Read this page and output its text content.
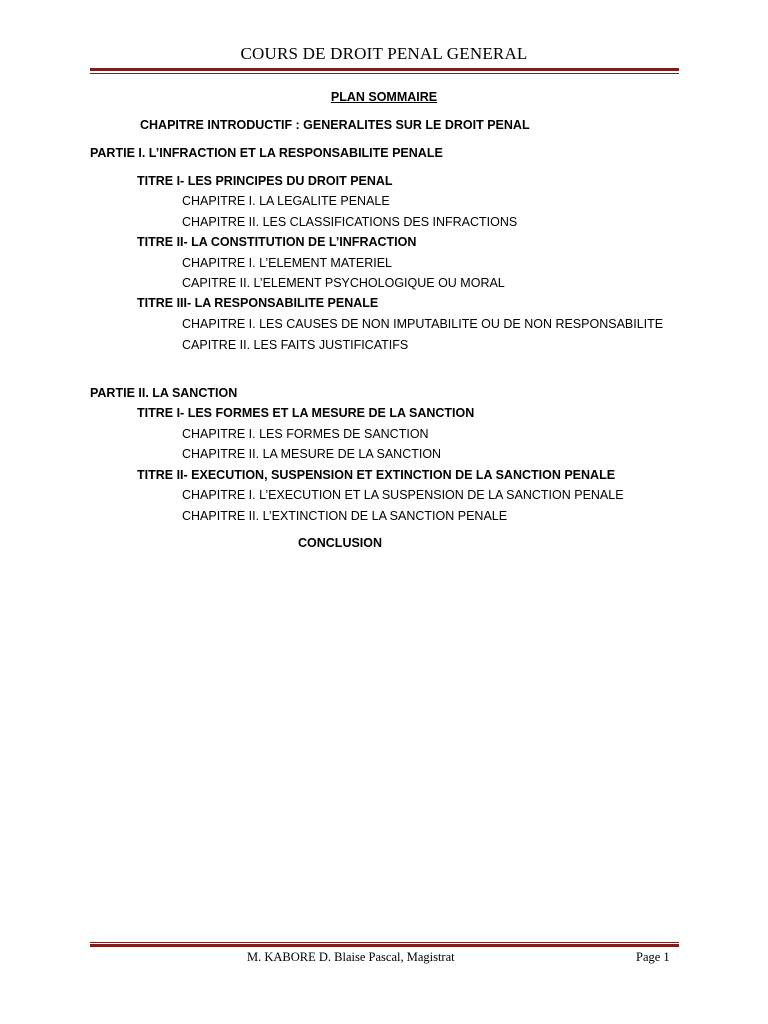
COURS DE DROIT PENAL GENERAL
PLAN SOMMAIRE
CHAPITRE INTRODUCTIF : GENERALITES SUR LE DROIT PENAL
PARTIE I. L’INFRACTION ET LA RESPONSABILITE PENALE
TITRE I- LES PRINCIPES DU DROIT PENAL
CHAPITRE I. LA LEGALITE PENALE
CHAPITRE II. LES CLASSIFICATIONS DES INFRACTIONS
TITRE II- LA CONSTITUTION DE L’INFRACTION
CHAPITRE I. L’ELEMENT MATERIEL
CAPITRE II. L’ELEMENT PSYCHOLOGIQUE OU MORAL
TITRE III- LA RESPONSABILITE PENALE
CHAPITRE I. LES CAUSES DE NON IMPUTABILITE OU DE NON RESPONSABILITE
CAPITRE II. LES FAITS JUSTIFICATIFS
PARTIE II. LA SANCTION
TITRE I- LES FORMES ET LA MESURE DE LA SANCTION
CHAPITRE I. LES FORMES DE SANCTION
CHAPITRE II. LA MESURE DE LA SANCTION
TITRE II- EXECUTION, SUSPENSION ET EXTINCTION DE LA SANCTION PENALE
CHAPITRE I. L’EXECUTION ET LA SUSPENSION DE LA SANCTION PENALE
CHAPITRE II. L’EXTINCTION DE LA SANCTION PENALE
CONCLUSION
M. KABORE D. Blaise Pascal, Magistrat	Page 1
